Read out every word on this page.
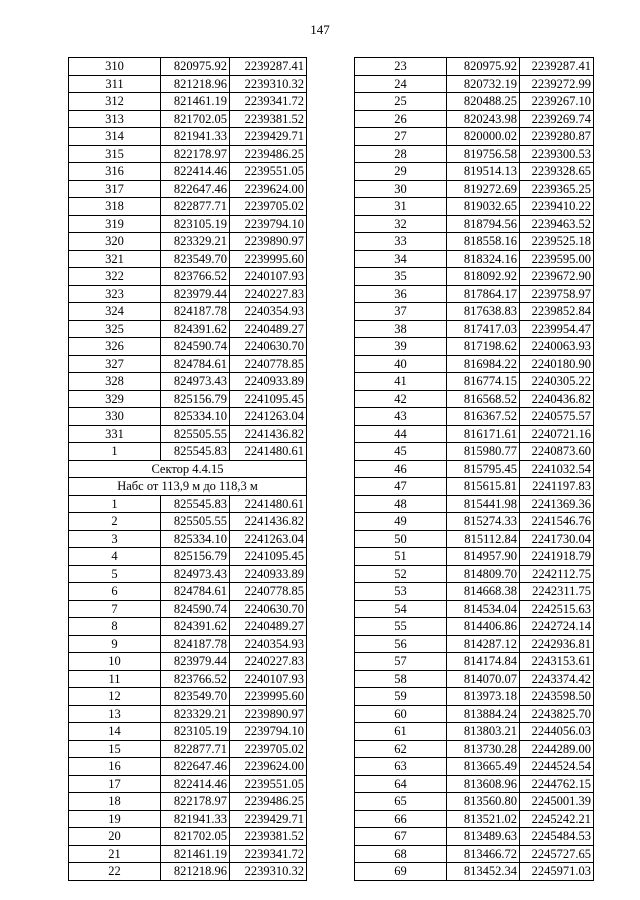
147
310	820975.92	2239287.41
311	821218.96	2239310.32
312	821461.19	2239341.72
313	821702.05	2239381.52
314	821941.33	2239429.71
315	822178.97	2239486.25
316	822414.46	2239551.05
317	822647.46	2239624.00
318	822877.71	2239705.02
319	823105.19	2239794.10
320	823329.21	2239890.97
321	823549.70	2239995.60
322	823766.52	2240107.93
323	823979.44	2240227.83
324	824187.78	2240354.93
325	824391.62	2240489.27
326	824590.74	2240630.70
327	824784.61	2240778.85
328	824973.43	2240933.89
329	825156.79	2241095.45
330	825334.10	2241263.04
331	825505.55	2241436.82
1	825545.83	2241480.61
Сектор 4.4.15		
Набс от 113,9 м до 118,3 м		
1	825545.83	2241480.61
2	825505.55	2241436.82
3	825334.10	2241263.04
4	825156.79	2241095.45
5	824973.43	2240933.89
6	824784.61	2240778.85
7	824590.74	2240630.70
8	824391.62	2240489.27
9	824187.78	2240354.93
10	823979.44	2240227.83
11	823766.52	2240107.93
12	823549.70	2239995.60
13	823329.21	2239890.97
14	823105.19	2239794.10
15	822877.71	2239705.02
16	822647.46	2239624.00
17	822414.46	2239551.05
18	822178.97	2239486.25
19	821941.33	2239429.71
20	821702.05	2239381.52
21	821461.19	2239341.72
22	821218.96	2239310.32
23	820975.92	2239287.41
24	820732.19	2239272.99
25	820488.25	2239267.10
26	820243.98	2239269.74
27	820000.02	2239280.87
28	819756.58	2239300.53
29	819514.13	2239328.65
30	819272.69	2239365.25
31	819032.65	2239410.22
32	818794.56	2239463.52
33	818558.16	2239525.18
34	818324.16	2239595.00
35	818092.92	2239672.90
36	817864.17	2239758.97
37	817638.83	2239852.84
38	817417.03	2239954.47
39	817198.62	2240063.93
40	816984.22	2240180.90
41	816774.15	2240305.22
42	816568.52	2240436.82
43	816367.52	2240575.57
44	816171.61	2240721.16
45	815980.77	2240873.60
46	815795.45	2241032.54
47	815615.81	2241197.83
48	815441.98	2241369.36
49	815274.33	2241546.76
50	815112.84	2241730.04
51	814957.90	2241918.79
52	814809.70	2242112.75
53	814668.38	2242311.75
54	814534.04	2242515.63
55	814406.86	2242724.14
56	814287.12	2242936.81
57	814174.84	2243153.61
58	814070.07	2243374.42
59	813973.18	2243598.50
60	813884.24	2243825.70
61	813803.21	2244056.03
62	813730.28	2244289.00
63	813665.49	2244524.54
64	813608.96	2244762.15
65	813560.80	2245001.39
66	813521.02	2245242.21
67	813489.63	2245484.53
68	813466.72	2245727.65
69	813452.34	2245971.03
